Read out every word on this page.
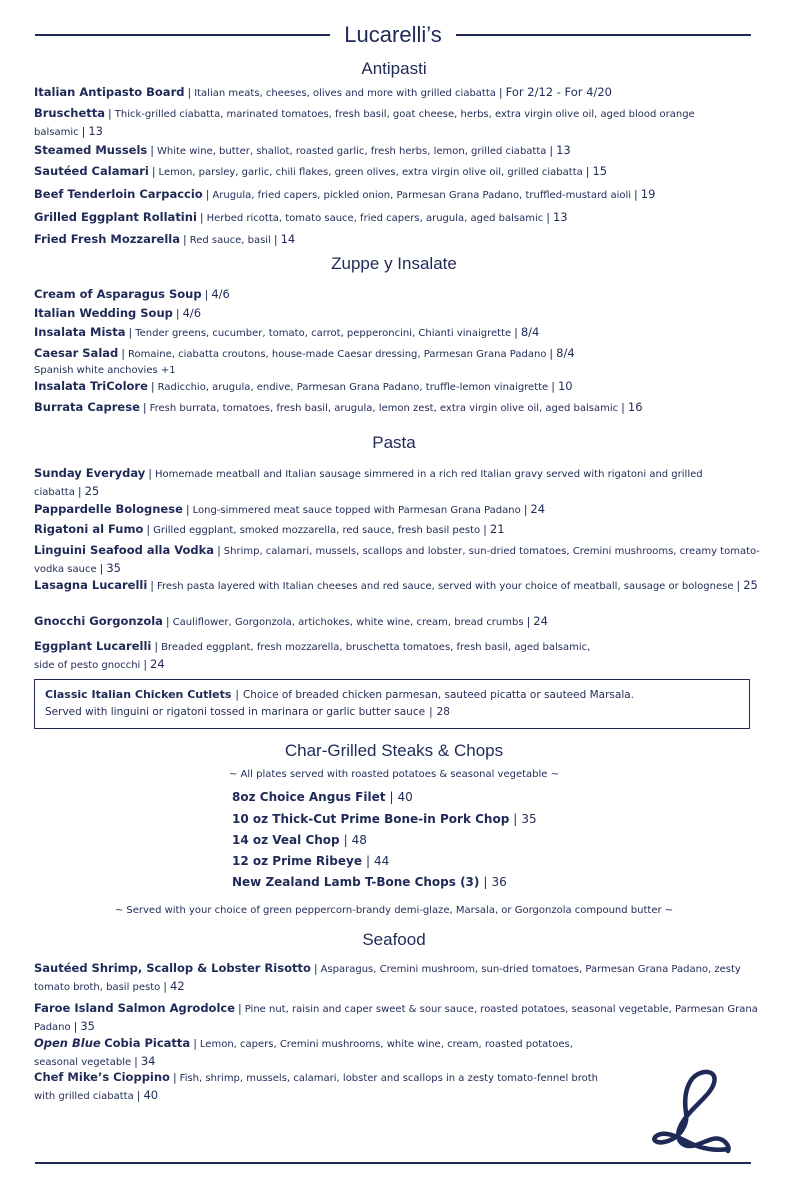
Lucarelli’s
Antipasti
Italian Antipasto Board | Italian meats, cheeses, olives and more with grilled ciabatta | For 2/12 - For 4/20
Bruschetta | Thick-grilled ciabatta, marinated tomatoes, fresh basil, goat cheese, herbs, extra virgin olive oil, aged blood orange balsamic | 13
Steamed Mussels | White wine, butter, shallot, roasted garlic, fresh herbs, lemon, grilled ciabatta | 13
Sautéed Calamari | Lemon, parsley, garlic, chili flakes, green olives, extra virgin olive oil, grilled ciabatta | 15
Beef Tenderloin Carpaccio | Arugula, fried capers, pickled onion, Parmesan Grana Padano, truffled-mustard aioli | 19
Grilled Eggplant Rollatini | Herbed ricotta, tomato sauce, fried capers, arugula, aged balsamic | 13
Fried Fresh Mozzarella | Red sauce, basil | 14
Zuppe y Insalate
Cream of Asparagus Soup | 4/6
Italian Wedding Soup | 4/6
Insalata Mista | Tender greens, cucumber, tomato, carrot, pepperoncini, Chianti vinaigrette | 8/4
Caesar Salad | Romaine, ciabatta croutons, house-made Caesar dressing, Parmesan Grana Padano | 8/4
Spanish white anchovies +1
Insalata TriColore | Radicchio, arugula, endive, Parmesan Grana Padano, truffle-lemon vinaigrette | 10
Burrata Caprese | Fresh burrata, tomatoes, fresh basil, arugula, lemon zest, extra virgin olive oil, aged balsamic | 16
Pasta
Sunday Everyday | Homemade meatball and Italian sausage simmered in a rich red Italian gravy served with rigatoni and grilled ciabatta | 25
Pappardelle Bolognese | Long-simmered meat sauce topped with Parmesan Grana Padano | 24
Rigatoni al Fumo | Grilled eggplant, smoked mozzarella, red sauce, fresh basil pesto | 21
Linguini Seafood alla Vodka | Shrimp, calamari, mussels, scallops and lobster, sun-dried tomatoes, Cremini mushrooms, creamy tomato-vodka sauce | 35
Lasagna Lucarelli | Fresh pasta layered with Italian cheeses and red sauce, served with your choice of meatball, sausage or bolognese | 25
Gnocchi Gorgonzola | Cauliflower, Gorgonzola, artichokes, white wine, cream, bread crumbs | 24
Eggplant Lucarelli | Breaded eggplant, fresh mozzarella, bruschetta tomatoes, fresh basil, aged balsamic,
side of pesto gnocchi | 24
Classic Italian Chicken Cutlets | Choice of breaded chicken parmesan, sauteed picatta or sauteed Marsala.
Served with linguini or rigatoni tossed in marinara or garlic butter sauce | 28
Char-Grilled Steaks & Chops
~ All plates served with roasted potatoes & seasonal vegetable ~
8oz Choice Angus Filet | 40
10 oz Thick-Cut Prime Bone-in Pork Chop | 35
14 oz Veal Chop | 48
12 oz Prime Ribeye | 44
New Zealand Lamb T-Bone Chops (3) | 36
~ Served with your choice of green peppercorn-brandy demi-glaze, Marsala, or Gorgonzola compound butter ~
Seafood
Sautéed Shrimp, Scallop & Lobster Risotto | Asparagus, Cremini mushroom, sun-dried tomatoes, Parmesan Grana Padano, zesty tomato broth, basil pesto | 42
Faroe Island Salmon Agrodolce | Pine nut, raisin and caper sweet & sour sauce, roasted potatoes, seasonal vegetable, Parmesan Grana Padano | 35
Open Blue Cobia Picatta | Lemon, capers, Cremini mushrooms, white wine, cream, roasted potatoes,
seasonal vegetable | 34
Chef Mike’s Cioppino | Fish, shrimp, mussels, calamari, lobster and scallops in a zesty tomato-fennel broth
with grilled ciabatta | 40
